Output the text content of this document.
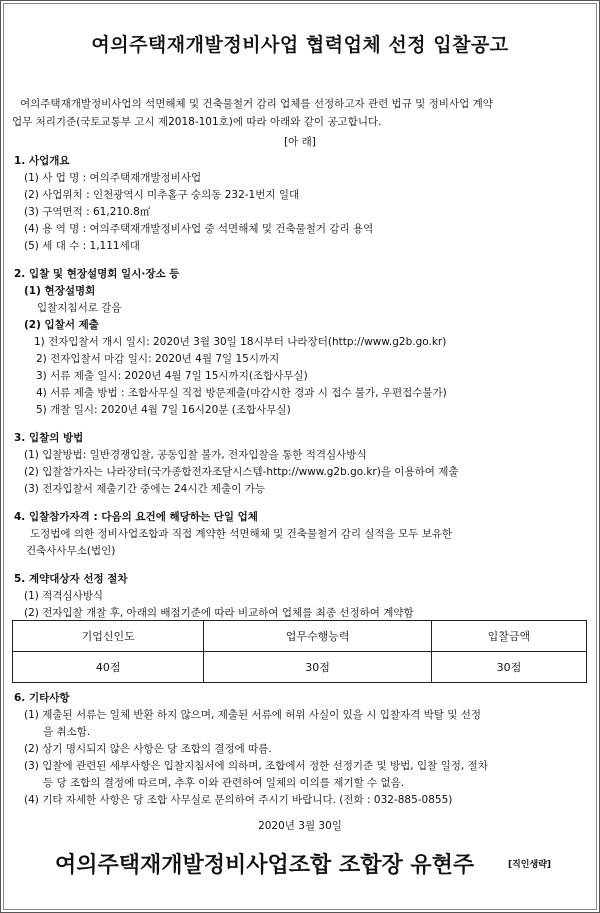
여의주택재개발정비사업 협력업체 선정 입찰공고
여의주택재개발정비사업의 석면해체 및 건축물철거 감리 업체를 선정하고자 관련 법규 및 정비사업 계약
업무 처리기준(국토교통부 고시 제2018-101호)에 따라 아래와 같이 공고합니다.
[아 래]
1. 사업개요
(1) 사 업 명 : 여의주택재개발정비사업
(2) 사업위치 : 인천광역시 미추홀구 숭의동 232-1번지 일대
(3) 구역면적 : 61,210.8㎡
(4) 용 역 명 : 여의주택재개발정비사업 중 석면해체 및 건축물철거 감리 용역
(5) 세 대 수 : 1,111세대
2. 입찰 및 현장설명회 일시·장소 등
(1) 현장설명회
입찰지침서로 갈음
(2) 입찰서 제출
1) 전자입찰서 개시 일시: 2020년 3월 30일 18시부터 나라장터(http://www.g2b.go.kr)
2) 전자입찰서 마감 일시: 2020년 4월 7일 15시까지
3) 서류 제출 일시: 2020년 4월 7일 15시까지(조합사무실)
4) 서류 제출 방법 : 조합사무실 직접 방문제출(마감시한 경과 시 접수 불가, 우편접수불가)
5) 개찰 일시: 2020년 4월 7일 16시20분 (조합사무실)
3. 입찰의 방법
(1) 입찰방법: 일반경쟁입찰, 공동입찰 불가, 전자입찰을 통한 적격심사방식
(2) 입찰참가자는 나라장터(국가종합전자조달시스템-http://www.g2b.go.kr)을 이용하여 제출
(3) 전자입찰서 제출기간 중에는 24시간 제출이 가능
4. 입찰참가자격 : 다음의 요건에 해당하는 단일 업체
도정법에 의한 정비사업조합과 직접 계약한 석면해체 및 건축물철거 감리 실적을 모두 보유한
건축사사무소(법인)
5. 계약대상자 선정 절차
(1) 적격심사방식
(2) 전자입찰 개찰 후, 아래의 배점기준에 따라 비교하여 업체를 최종 선정하여 계약함
기업신인도	업무수행능력	입찰금액
40점	30점	30점
6. 기타사항
(1) 제출된 서류는 일체 반환 하지 않으며, 제출된 서류에 허위 사실이 있을 시 입찰자격 박탈 및 선정
을 취소함.
(2) 상기 명시되지 않은 사항은 당 조합의 결정에 따름.
(3) 입찰에 관련된 세부사항은 입찰지침서에 의하며, 조합에서 정한 선정기준 및 방법, 입찰 일정, 절차
등 당 조합의 결정에 따르며, 추후 이와 관련하여 일체의 이의를 제기할 수 없음.
(4) 기타 자세한 사항은 당 조합 사무실로 문의하여 주시기 바랍니다. (전화 : 032-885-0855)
2020년 3월 30일
여의주택재개발정비사업조합 조합장 유현주	[직인생략]
